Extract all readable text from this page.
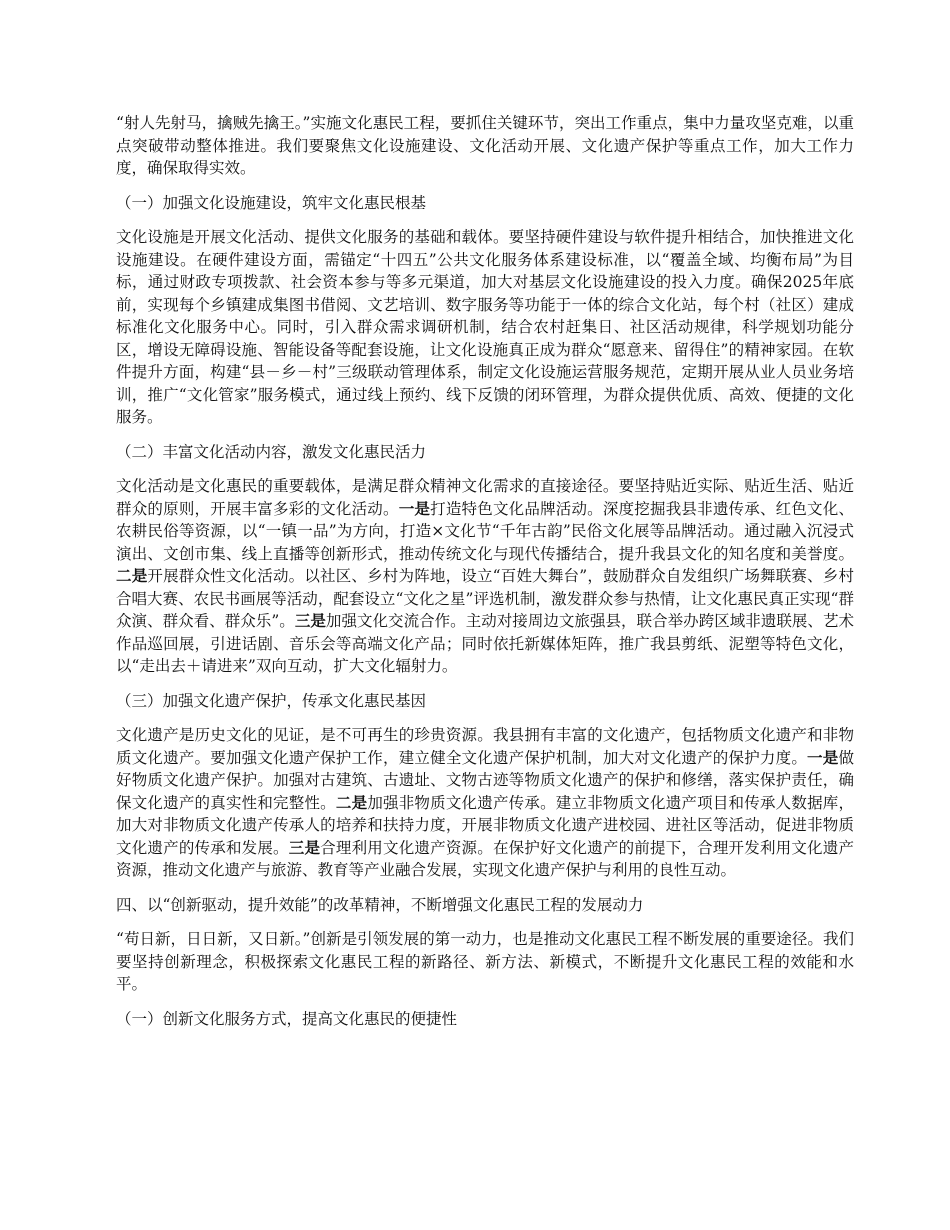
“射人先射马，擒贼先擒王。”实施文化惠民工程，要抓住关键环节，突出工作重点，集中力量攻坚克难，以重点突破带动整体推进。我们要聚焦文化设施建设、文化活动开展、文化遗产保护等重点工作，加大工作力度，确保取得实效。

（一）加强文化设施建设，筑牢文化惠民根基

文化设施是开展文化活动、提供文化服务的基础和载体。要坚持硬件建设与软件提升相结合，加快推进文化设施建设。在硬件建设方面，需锚定“十四五”公共文化服务体系建设标准，以“覆盖全域、均衡布局”为目标，通过财政专项拨款、社会资本参与等多元渠道，加大对基层文化设施建设的投入力度。确保2025年底前，实现每个乡镇建成集图书借阅、文艺培训、数字服务等功能于一体的综合文化站，每个村（社区）建成标准化文化服务中心。同时，引入群众需求调研机制，结合农村赶集日、社区活动规律，科学规划功能分区，增设无障碍设施、智能设备等配套设施，让文化设施真正成为群众“愿意来、留得住”的精神家园。在软件提升方面，构建“县－乡－村”三级联动管理体系，制定文化设施运营服务规范，定期开展从业人员业务培训，推广“文化管家”服务模式，通过线上预约、线下反馈的闭环管理，为群众提供优质、高效、便捷的文化服务。

（二）丰富文化活动内容，激发文化惠民活力

文化活动是文化惠民的重要载体，是满足群众精神文化需求的直接途径。要坚持贴近实际、贴近生活、贴近群众的原则，开展丰富多彩的文化活动。一是打造特色文化品牌活动。深度挖掘我县非遗传承、红色文化、农耕民俗等资源，以“一镇一品”为方向，打造×文化节“千年古韵”民俗文化展等品牌活动。通过融入沉浸式演出、文创市集、线上直播等创新形式，推动传统文化与现代传播结合，提升我县文化的知名度和美誉度。二是开展群众性文化活动。以社区、乡村为阵地，设立“百姓大舞台”，鼓励群众自发组织广场舞联赛、乡村合唱大赛、农民书画展等活动，配套设立“文化之星”评选机制，激发群众参与热情，让文化惠民真正实现“群众演、群众看、群众乐”。三是加强文化交流合作。主动对接周边文旅强县，联合举办跨区域非遗联展、艺术作品巡回展，引进话剧、音乐会等高端文化产品；同时依托新媒体矩阵，推广我县剪纸、泥塑等特色文化，以“走出去＋请进来”双向互动，扩大文化辐射力。

（三）加强文化遗产保护，传承文化惠民基因

文化遗产是历史文化的见证，是不可再生的珍贵资源。我县拥有丰富的文化遗产，包括物质文化遗产和非物质文化遗产。要加强文化遗产保护工作，建立健全文化遗产保护机制，加大对文化遗产的保护力度。一是做好物质文化遗产保护。加强对古建筑、古遗址、文物古迹等物质文化遗产的保护和修缮，落实保护责任，确保文化遗产的真实性和完整性。二是加强非物质文化遗产传承。建立非物质文化遗产项目和传承人数据库，加大对非物质文化遗产传承人的培养和扶持力度，开展非物质文化遗产进校园、进社区等活动，促进非物质文化遗产的传承和发展。三是合理利用文化遗产资源。在保护好文化遗产的前提下，合理开发利用文化遗产资源，推动文化遗产与旅游、教育等产业融合发展，实现文化遗产保护与利用的良性互动。

四、以“创新驱动，提升效能”的改革精神，不断增强文化惠民工程的发展动力

“苟日新，日日新，又日新。”创新是引领发展的第一动力，也是推动文化惠民工程不断发展的重要途径。我们要坚持创新理念，积极探索文化惠民工程的新路径、新方法、新模式，不断提升文化惠民工程的效能和水平。

（一）创新文化服务方式，提高文化惠民的便捷性
